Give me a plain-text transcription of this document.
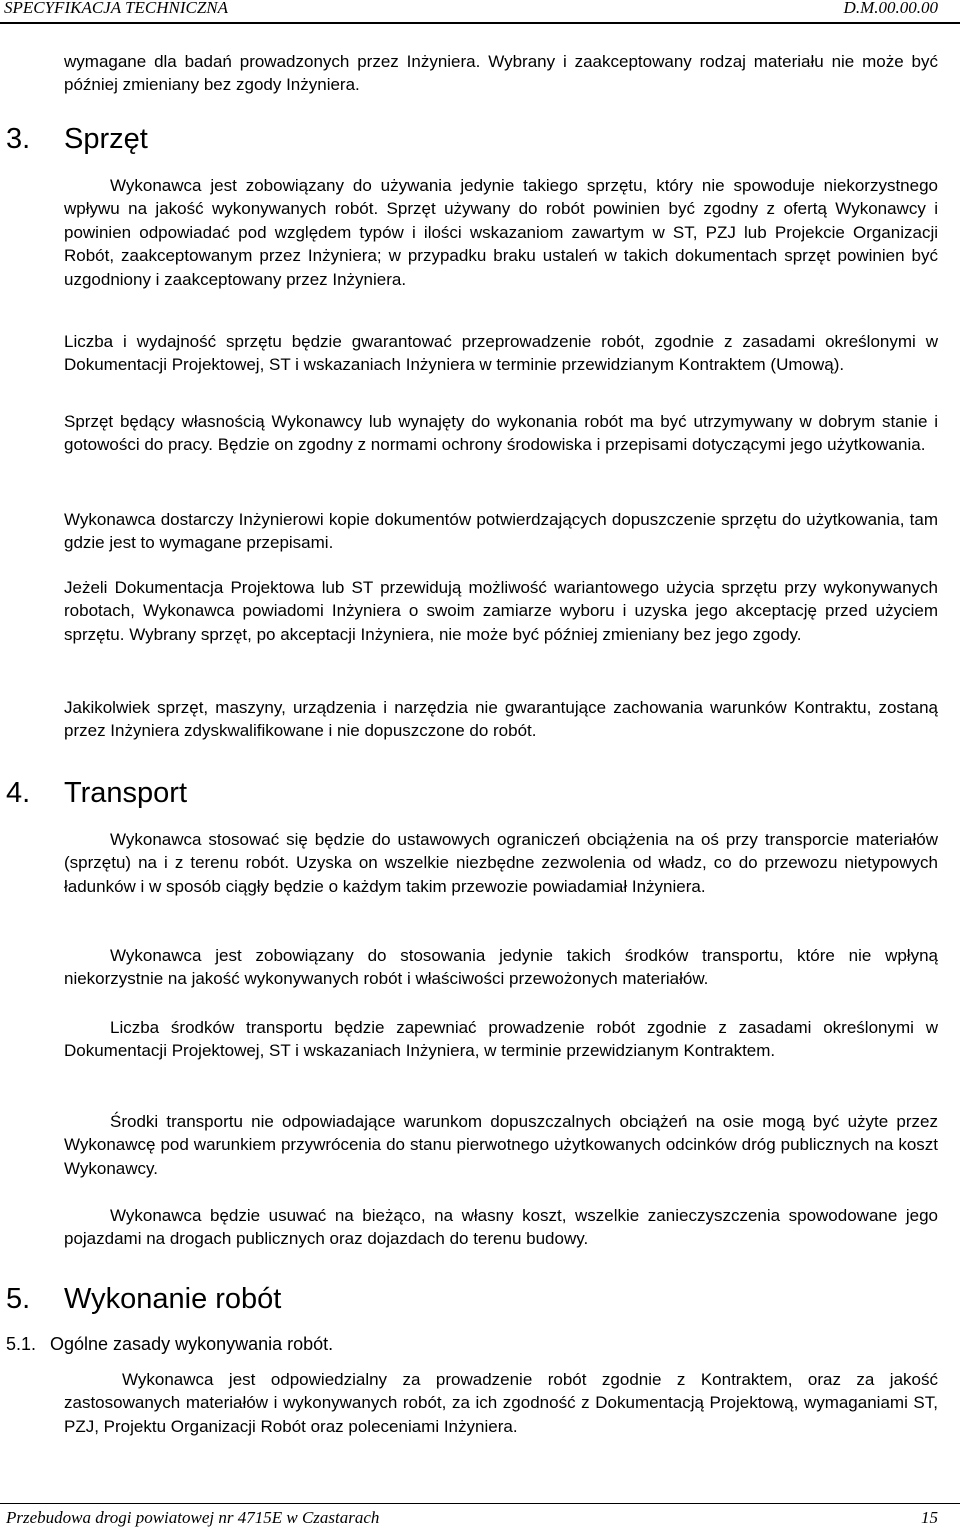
SPECYFIKACJA TECHNICZNA	D.M.00.00.00
wymagane dla badań prowadzonych przez Inżyniera. Wybrany i zaakceptowany rodzaj materiału nie może być później zmieniany bez zgody Inżyniera.
3. Sprzęt
Wykonawca jest zobowiązany do używania jedynie takiego sprzętu, który nie spowoduje niekorzystnego wpływu na jakość wykonywanych robót. Sprzęt używany do robót powinien być zgodny z ofertą Wykonawcy i powinien odpowiadać pod względem typów i ilości wskazaniom zawartym w ST, PZJ lub Projekcie Organizacji Robót, zaakceptowanym przez Inżyniera; w przypadku braku ustaleń w takich dokumentach sprzęt powinien być uzgodniony i zaakceptowany przez Inżyniera.
Liczba i wydajność sprzętu będzie gwarantować przeprowadzenie robót, zgodnie z zasadami określonymi w Dokumentacji Projektowej, ST i wskazaniach Inżyniera w terminie przewidzianym Kontraktem (Umową).
Sprzęt będący własnością Wykonawcy lub wynajęty do wykonania robót ma być utrzymywany w dobrym stanie i gotowości do pracy. Będzie on zgodny z normami ochrony środowiska i przepisami dotyczącymi jego użytkowania.
Wykonawca dostarczy Inżynierowi kopie dokumentów potwierdzających dopuszczenie sprzętu do użytkowania, tam gdzie jest to wymagane przepisami.
Jeżeli Dokumentacja Projektowa lub ST przewidują możliwość wariantowego użycia sprzętu przy wykonywanych robotach, Wykonawca powiadomi Inżyniera o swoim zamiarze wyboru i uzyska jego akceptację przed użyciem sprzętu. Wybrany sprzęt, po akceptacji Inżyniera, nie może być później zmieniany bez jego zgody.
Jakikolwiek sprzęt, maszyny, urządzenia i narzędzia nie gwarantujące zachowania warunków Kontraktu, zostaną przez Inżyniera zdyskwalifikowane i nie dopuszczone do robót.
4. Transport
Wykonawca stosować się będzie do ustawowych ograniczeń obciążenia na oś przy transporcie materiałów (sprzętu) na i z terenu robót. Uzyska on wszelkie niezbędne zezwolenia od władz, co do przewozu nietypowych ładunków i w sposób ciągły będzie o każdym takim przewozie powiadamiał Inżyniera.
Wykonawca jest zobowiązany do stosowania jedynie takich środków transportu, które nie wpłyną niekorzystnie na jakość wykonywanych robót i właściwości przewożonych materiałów.
Liczba środków transportu będzie zapewniać prowadzenie robót zgodnie z zasadami określonymi w Dokumentacji Projektowej, ST i wskazaniach Inżyniera, w terminie przewidzianym Kontraktem.
Środki transportu nie odpowiadające warunkom dopuszczalnych obciążeń na osie mogą być użyte przez Wykonawcę pod warunkiem przywrócenia do stanu pierwotnego użytkowanych odcinków dróg publicznych na koszt Wykonawcy.
Wykonawca będzie usuwać na bieżąco, na własny koszt, wszelkie zanieczyszczenia spowodowane jego pojazdami na drogach publicznych oraz dojazdach do terenu budowy.
5. Wykonanie robót
5.1. Ogólne zasady wykonywania robót.
Wykonawca jest odpowiedzialny za prowadzenie robót zgodnie z Kontraktem, oraz za jakość zastosowanych materiałów i wykonywanych robót, za ich zgodność z Dokumentacją Projektową, wymaganiami ST, PZJ, Projektu Organizacji Robót oraz poleceniami Inżyniera.
Przebudowa drogi powiatowej nr 4715E w Czastarach	15
